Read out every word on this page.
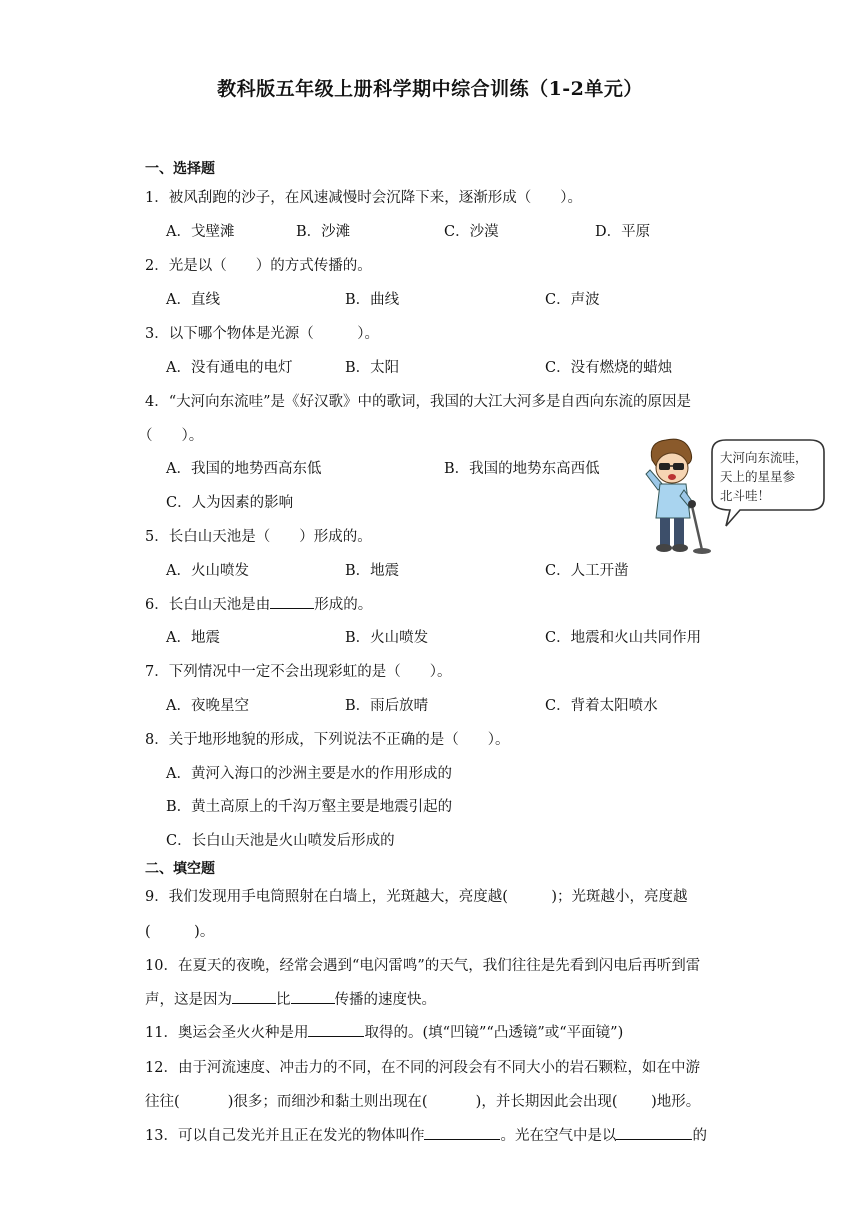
教科版五年级上册科学期中综合训练（1-2单元）
一、选择题
1．被风刮跑的沙子，在风速减慢时会沉降下来，逐渐形成（　　）。
A．戈壁滩	B．沙滩	C．沙漠	D．平原
2．光是以（　　）的方式传播的。
A．直线	B．曲线	C．声波
3．以下哪个物体是光源（　　　）。
A．没有通电的电灯	B．太阳	C．没有燃烧的蜡烛
4．“大河向东流哇”是《好汉歌》中的歌词，我国的大江大河多是自西向东流的原因是
（　　）。
A．我国的地势西高东低	B．我国的地势东高西低
C．人为因素的影响
大河向东流哇，
天上的星星参
北斗哇！
5．长白山天池是（　　）形成的。
A．火山喷发	B．地震	C．人工开凿
6．长白山天池是由	形成的。
A．地震	B．火山喷发	C．地震和火山共同作用
7．下列情况中一定不会出现彩虹的是（　　）。
A．夜晚星空	B．雨后放晴	C．背着太阳喷水
8．关于地形地貌的形成，下列说法不正确的是（　　）。
A．黄河入海口的沙洲主要是水的作用形成的
B．黄土高原上的千沟万壑主要是地震引起的
C．长白山天池是火山喷发后形成的
二、填空题
9．我们发现用手电筒照射在白墙上，光斑越大，亮度越(　　　)；光斑越小，亮度越
(　　　)。
10．在夏天的夜晚，经常会遇到“电闪雷鸣”的天气，我们往往是先看到闪电后再听到雷
声，这是因为	比	传播的速度快。
11．奥运会圣火火种是用	取得的。(填“凹镜”“凸透镜”或“平面镜”)
12．由于河流速度、冲击力的不同，在不同的河段会有不同大小的岩石颗粒，如在中游
往往(　　　 )很多；而细沙和黏土则出现在(　　　 )，并长期因此会出现(　　 )地形。
13．可以自己发光并且正在发光的物体叫作	。光在空气中是以	的
